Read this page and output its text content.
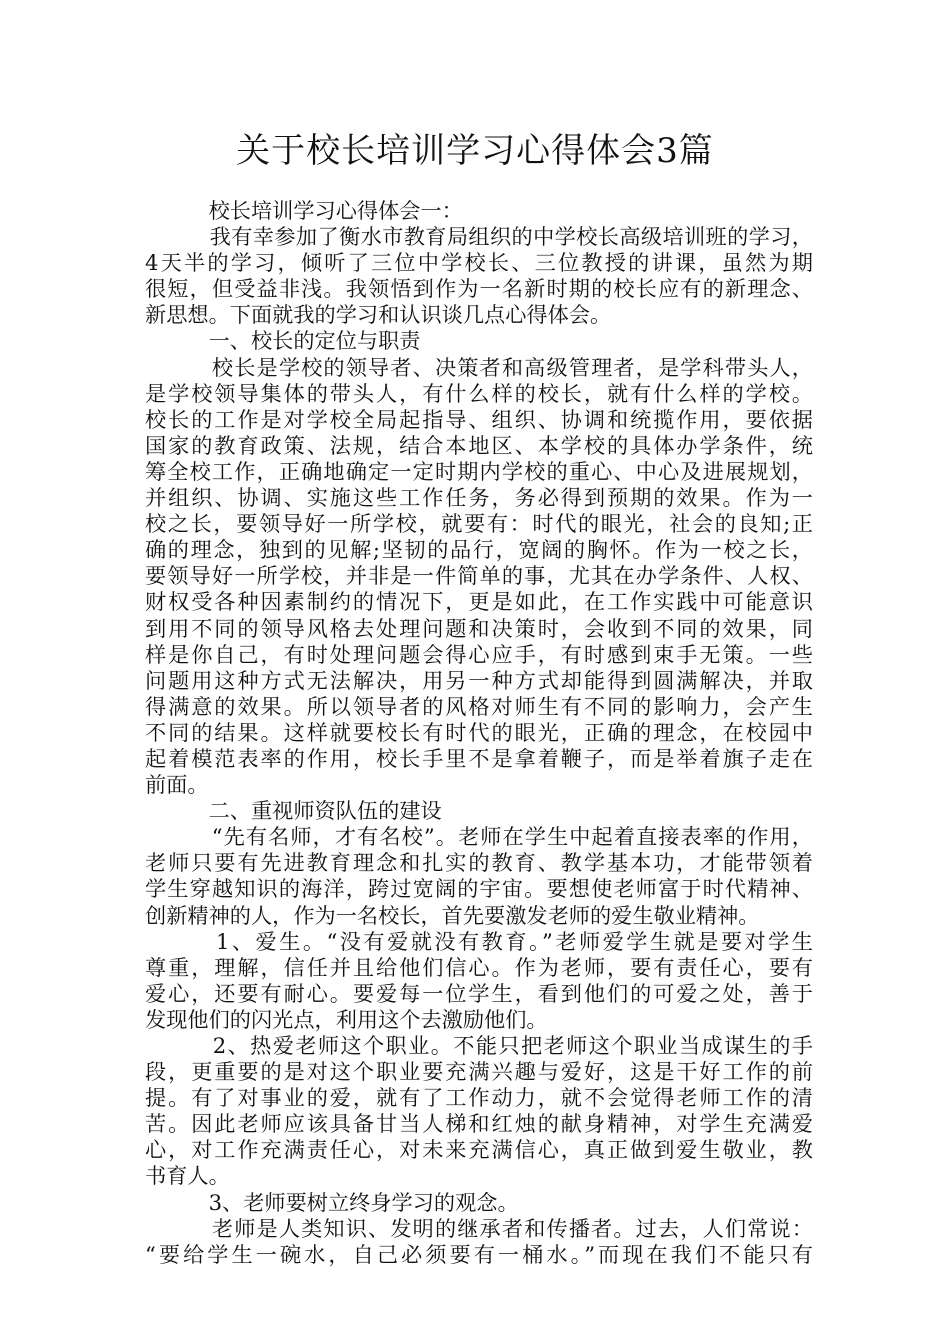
关于校长培训学习心得体会3篇
　　　校长培训学习心得体会一：
　　　我有幸参加了衡水市教育局组织的中学校长高级培训班的学习，
4天半的学习，倾听了三位中学校长、三位教授的讲课，虽然为期
很短，但受益非浅。我领悟到作为一名新时期的校长应有的新理念、
新思想。下面就我的学习和认识谈几点心得体会。
　　　一、校长的定位与职责
　　　校长是学校的领导者、决策者和高级管理者，是学科带头人，
是学校领导集体的带头人，有什么样的校长，就有什么样的学校。
校长的工作是对学校全局起指导、组织、协调和统揽作用，要依据
国家的教育政策、法规，结合本地区、本学校的具体办学条件，统
筹全校工作，正确地确定一定时期内学校的重心、中心及进展规划，
并组织、协调、实施这些工作任务，务必得到预期的效果。作为一
校之长，要领导好一所学校，就要有：时代的眼光，社会的良知;正
确的理念，独到的见解;坚韧的品行，宽阔的胸怀。作为一校之长，
要领导好一所学校，并非是一件简单的事，尤其在办学条件、人权、
财权受各种因素制约的情况下，更是如此，在工作实践中可能意识
到用不同的领导风格去处理问题和决策时，会收到不同的效果，同
样是你自己，有时处理问题会得心应手，有时感到束手无策。一些
问题用这种方式无法解决，用另一种方式却能得到圆满解决，并取
得满意的效果。所以领导者的风格对师生有不同的影响力，会产生
不同的结果。这样就要校长有时代的眼光，正确的理念，在校园中
起着模范表率的作用，校长手里不是拿着鞭子，而是举着旗子走在
前面。
　　　二、重视师资队伍的建设
　　　“先有名师，才有名校”。老师在学生中起着直接表率的作用，
老师只要有先进教育理念和扎实的教育、教学基本功，才能带领着
学生穿越知识的海洋，跨过宽阔的宇宙。要想使老师富于时代精神、
创新精神的人，作为一名校长，首先要激发老师的爱生敬业精神。
　　　1、爱生。“没有爱就没有教育。”老师爱学生就是要对学生
尊重，理解，信任并且给他们信心。作为老师，要有责任心，要有
爱心，还要有耐心。要爱每一位学生，看到他们的可爱之处，善于
发现他们的闪光点，利用这个去激励他们。
　　　2、热爱老师这个职业。不能只把老师这个职业当成谋生的手
段，更重要的是对这个职业要充满兴趣与爱好，这是干好工作的前
提。有了对事业的爱，就有了工作动力，就不会觉得老师工作的清
苦。因此老师应该具备甘当人梯和红烛的献身精神，对学生充满爱
心，对工作充满责任心，对未来充满信心，真正做到爱生敬业，教
书育人。
　　　3、老师要树立终身学习的观念。
　　　老师是人类知识、发明的继承者和传播者。过去，人们常说：
“要给学生一碗水，自己必须要有一桶水。”而现在我们不能只有
